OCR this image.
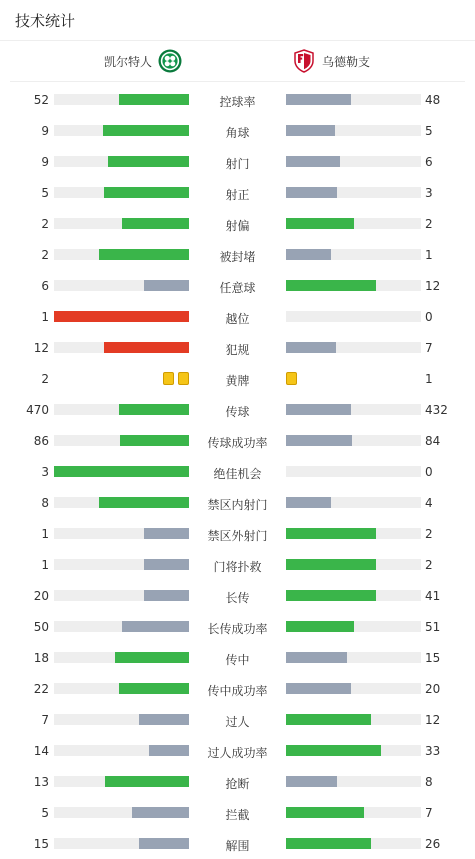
技术统计
凯尔特人	乌德勒支
52	控球率	48
9	角球	5
9	射门	6
5	射正	3
2	射偏	2
2	被封堵	1
6	任意球	12
1	越位	0
12	犯规	7
2	黄牌	1
470	传球	432
86	传球成功率	84
3	绝佳机会	0
8	禁区内射门	4
1	禁区外射门	2
1	门将扑救	2
20	长传	41
50	长传成功率	51
18	传中	15
22	传中成功率	20
7	过人	12
14	过人成功率	33
13	抢断	8
5	拦截	7
15	解围	26
